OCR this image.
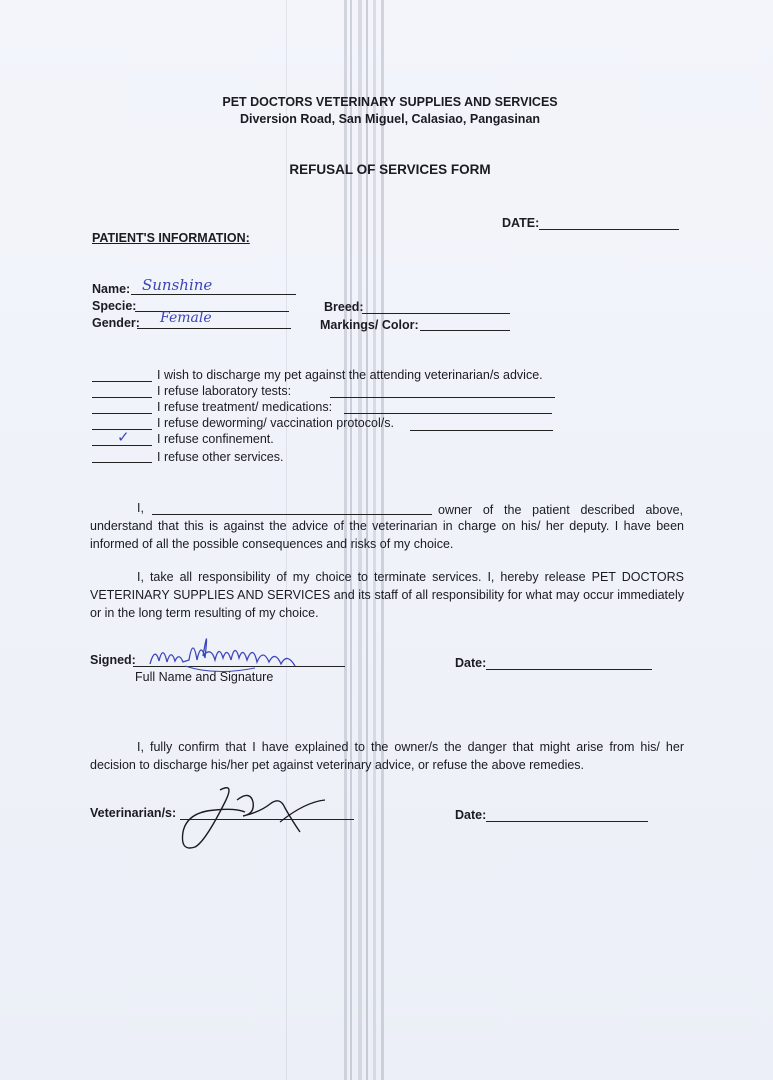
PET DOCTORS VETERINARY SUPPLIES AND SERVICES
Diversion Road, San Miguel, Calasiao, Pangasinan
REFUSAL OF SERVICES FORM
DATE:
PATIENT'S INFORMATION:
Name: Sunshine
Specie:
Gender: Female
Breed:
Markings/ Color:
I wish to discharge my pet against the attending veterinarian/s advice.
I refuse laboratory tests:
I refuse treatment/ medications:
I refuse deworming/ vaccination protocol/s.
✓ I refuse confinement.
I refuse other services.
I,	owner of the patient described above,
understand that this is against the advice of the veterinarian in charge on his/ her deputy. I have been informed of all the possible consequences and risks of my choice.
I, take all responsibility of my choice to terminate services. I, hereby release PET DOCTORS VETERINARY SUPPLIES AND SERVICES and its staff of all responsibility for what may occur immediately or in the long term resulting of my choice.
Signed:
Full Name and Signature
Date:
I, fully confirm that I have explained to the owner/s the danger that might arise from his/ her decision to discharge his/her pet against veterinary advice, or refuse the above remedies.
Veterinarian/s:	Date:
